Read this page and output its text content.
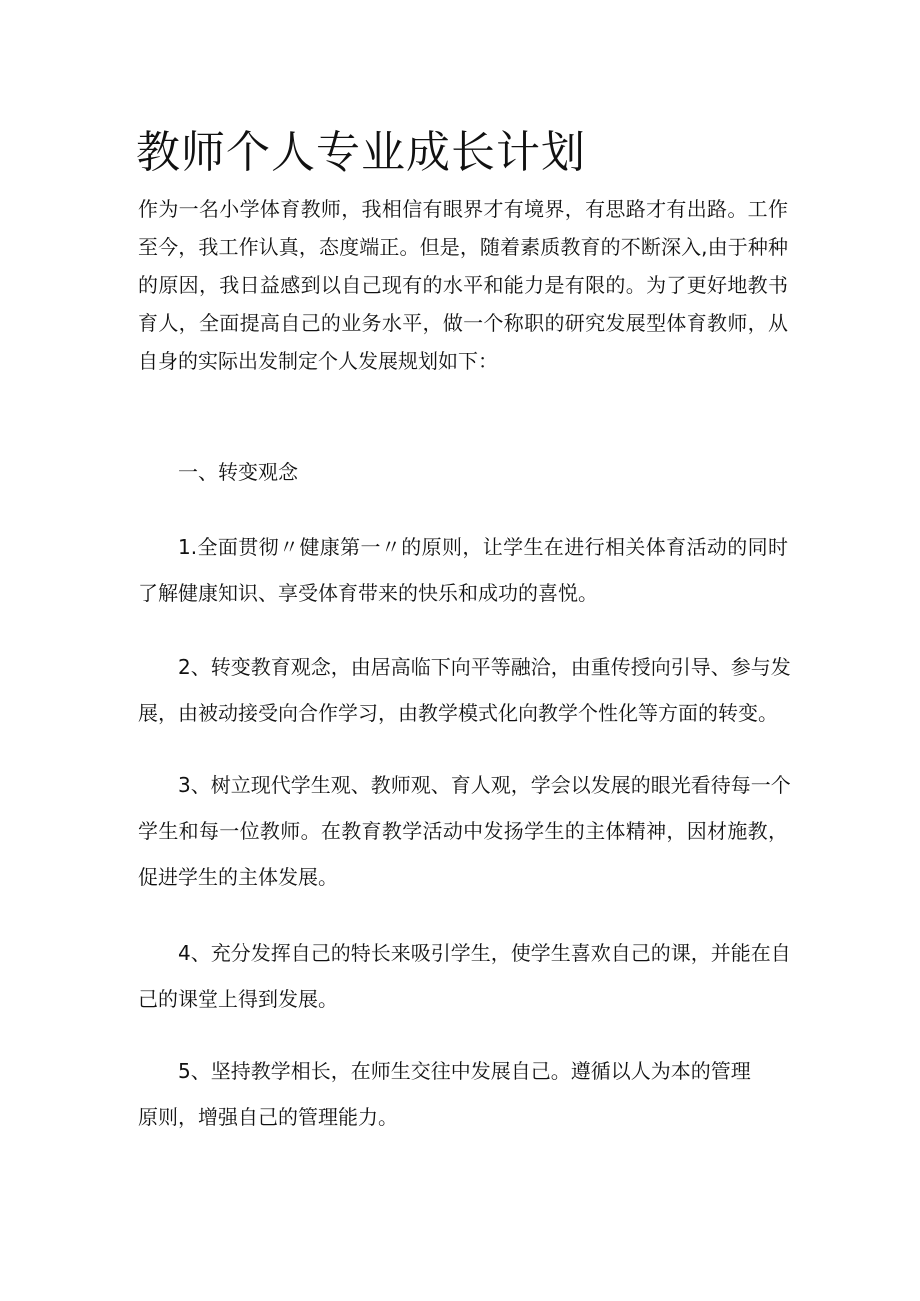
教师个人专业成长计划
作为一名小学体育教师，我相信有眼界才有境界，有思路才有出路。工作
至今，我工作认真，态度端正。但是，随着素质教育的不断深入,由于种种
的原因，我日益感到以自己现有的水平和能力是有限的。为了更好地教书
育人，全面提高自己的业务水平，做一个称职的研究发展型体育教师，从
自身的实际出发制定个人发展规划如下：
一、转变观念
1.全面贯彻〃健康第一〃的原则，让学生在进行相关体育活动的同时
了解健康知识、享受体育带来的快乐和成功的喜悦。
2、转变教育观念，由居高临下向平等融洽，由重传授向引导、参与发
展，由被动接受向合作学习，由教学模式化向教学个性化等方面的转变。
3、树立现代学生观、教师观、育人观，学会以发展的眼光看待每一个
学生和每一位教师。在教育教学活动中发扬学生的主体精神，因材施教，
促进学生的主体发展。
4、充分发挥自己的特长来吸引学生，使学生喜欢自己的课，并能在自
己的课堂上得到发展。
5、坚持教学相长，在师生交往中发展自己。遵循以人为本的管理
原则，增强自己的管理能力。
